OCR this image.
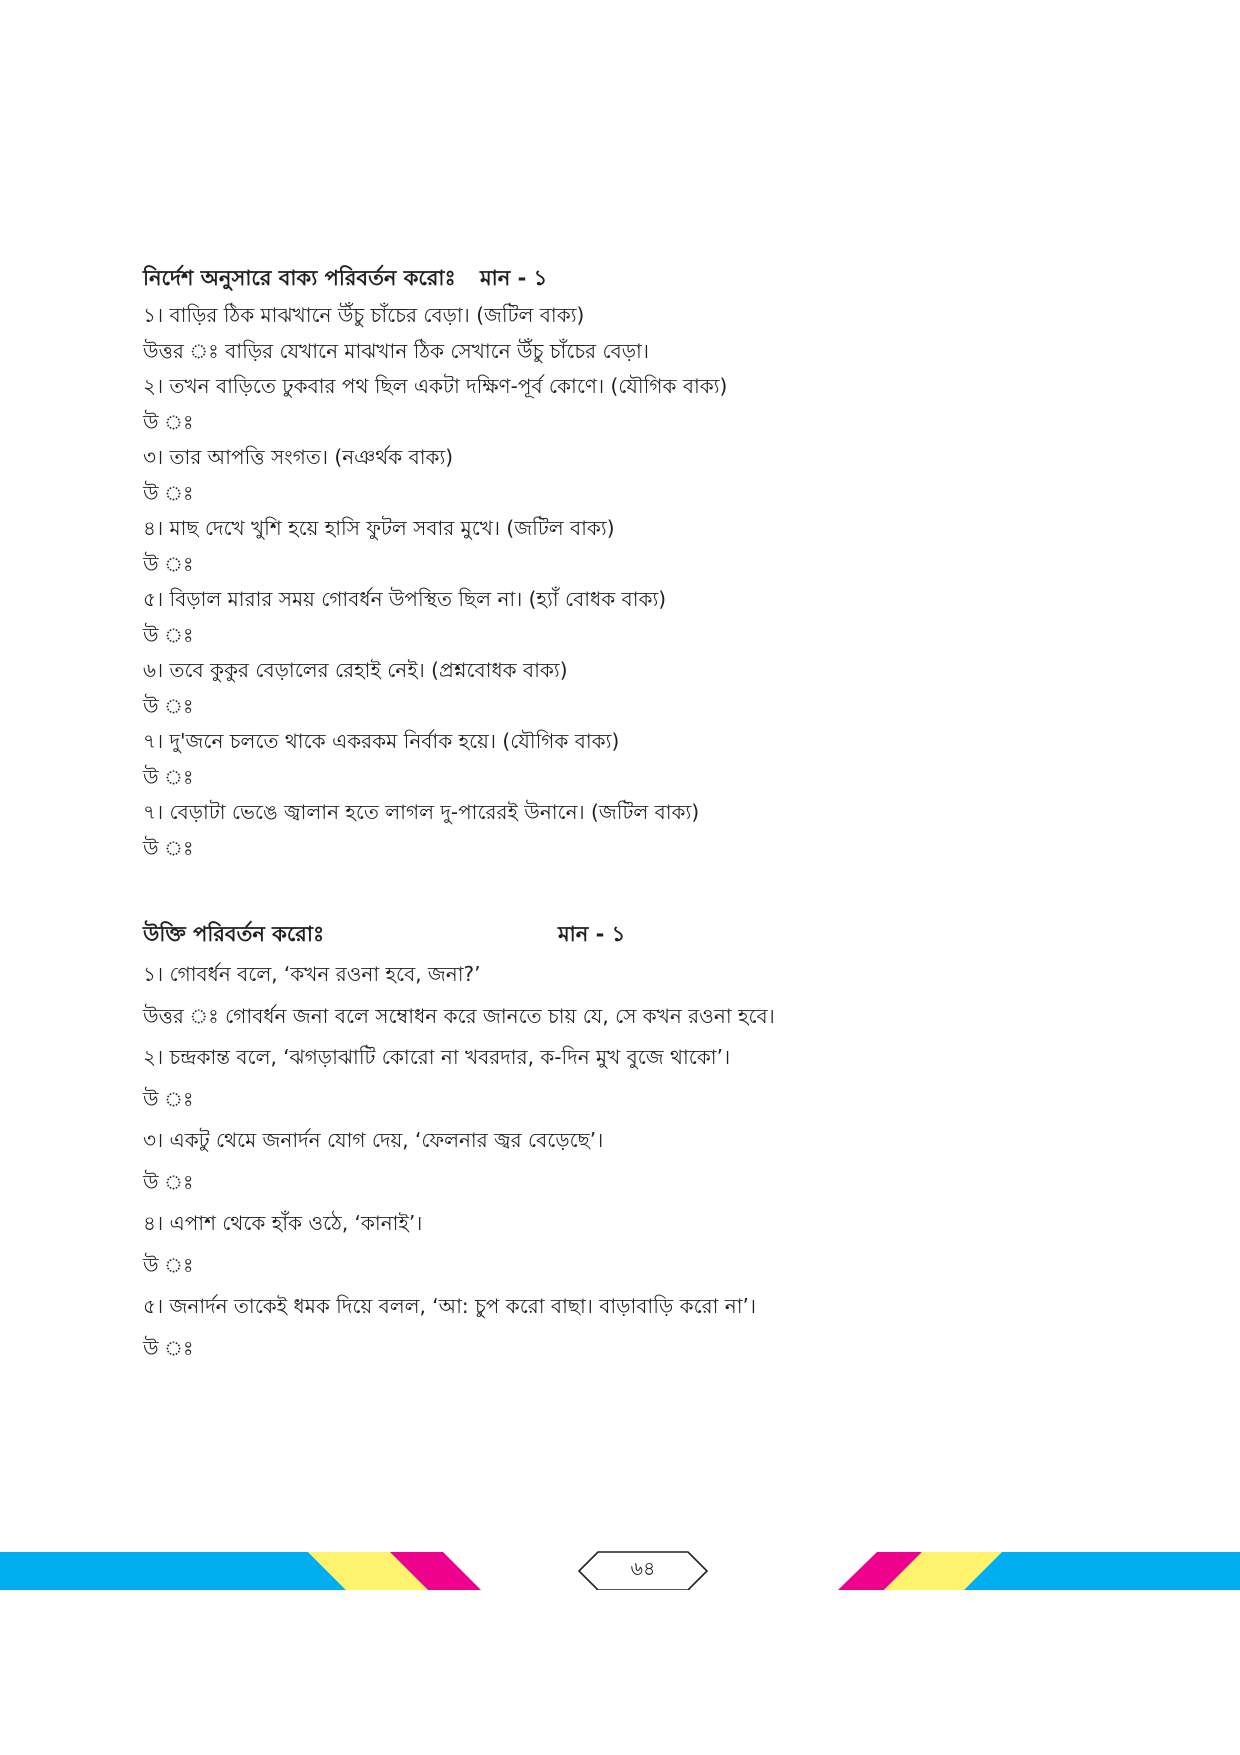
নির্দেশ অনুসারে বাক্য পরিবর্তন করোঃ মান - ১
১। বাড়ির ঠিক মাঝখানে উঁচু চাঁচের বেড়া। (জটিল বাক্য)
উত্তর ঃ বাড়ির যেখানে মাঝখান ঠিক সেখানে উঁচু চাঁচের বেড়া।
২। তখন বাড়িতে ঢুকবার পথ ছিল একটা দক্ষিণ-পূর্ব কোণে। (যৌগিক বাক্য)
উ ঃ
৩। তার আপত্তি সংগত। (নঞর্থক বাক্য)
উ ঃ
৪। মাছ দেখে খুশি হয়ে হাসি ফুটল সবার মুখে। (জটিল বাক্য)
উ ঃ
৫। বিড়াল মারার সময় গোবর্ধন উপস্থিত ছিল না। (হ্যাঁ বোধক বাক্য)
উ ঃ
৬। তবে কুকুর বেড়ালের রেহাই নেই। (প্রশ্নবোধক বাক্য)
উ ঃ
৭। দু'জনে চলতে থাকে একরকম নির্বাক হয়ে। (যৌগিক বাক্য)
উ ঃ
৭। বেড়াটা ভেঙে জ্বালান হতে লাগল দু-পারেরই উনানে। (জটিল বাক্য)
উ ঃ
উক্তি পরিবর্তন করোঃ	মান - ১
১। গোবর্ধন বলে, ‘কখন রওনা হবে, জনা?’
উত্তর ঃ গোবর্ধন জনা বলে সম্বোধন করে জানতে চায় যে, সে কখন রওনা হবে।
২। চন্দ্রকান্ত বলে, ‘ঝগড়াঝাটি কোরো না খবরদার, ক-দিন মুখ বুজে থাকো’।
উ ঃ
৩। একটু থেমে জনার্দন যোগ দেয়, ‘ফেলনার জ্বর বেড়েছে’।
উ ঃ
৪। এপাশ থেকে হাঁক ওঠে, ‘কানাই’।
উ ঃ
৫। জনার্দন তাকেই ধমক দিয়ে বলল, ‘আ: চুপ করো বাছা। বাড়াবাড়ি করো না’।
উ ঃ
৬৪
